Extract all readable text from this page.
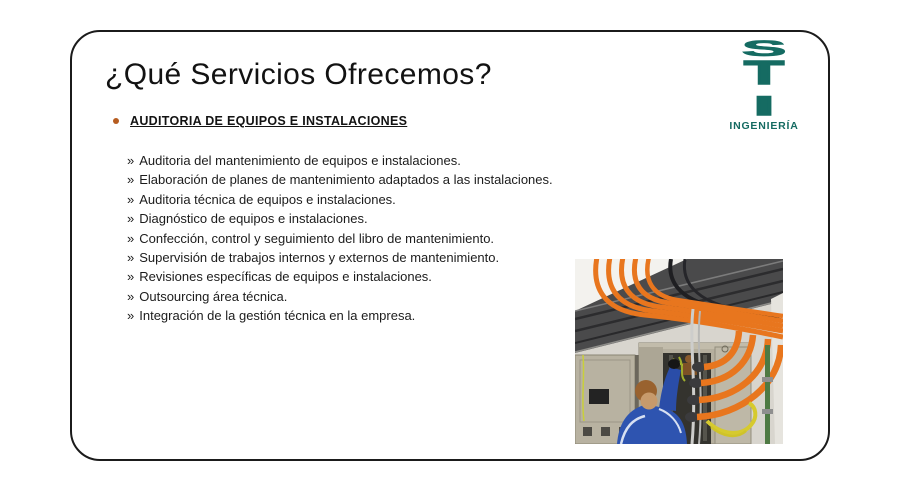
¿Qué Servicios Ofrecemos?
S
T
I
INGENIERÍA
AUDITORIA DE EQUIPOS E INSTALACIONES
» Auditoria del mantenimiento de equipos e instalaciones.
» Elaboración de planes de mantenimiento adaptados a las instalaciones.
» Auditoria técnica de equipos e instalaciones.
» Diagnóstico de equipos e instalaciones.
» Confección, control y seguimiento del libro de mantenimiento.
» Supervisión de trabajos internos y externos de mantenimiento.
» Revisiones específicas de equipos e instalaciones.
» Outsourcing área técnica.
» Integración de la gestión técnica en la empresa.
